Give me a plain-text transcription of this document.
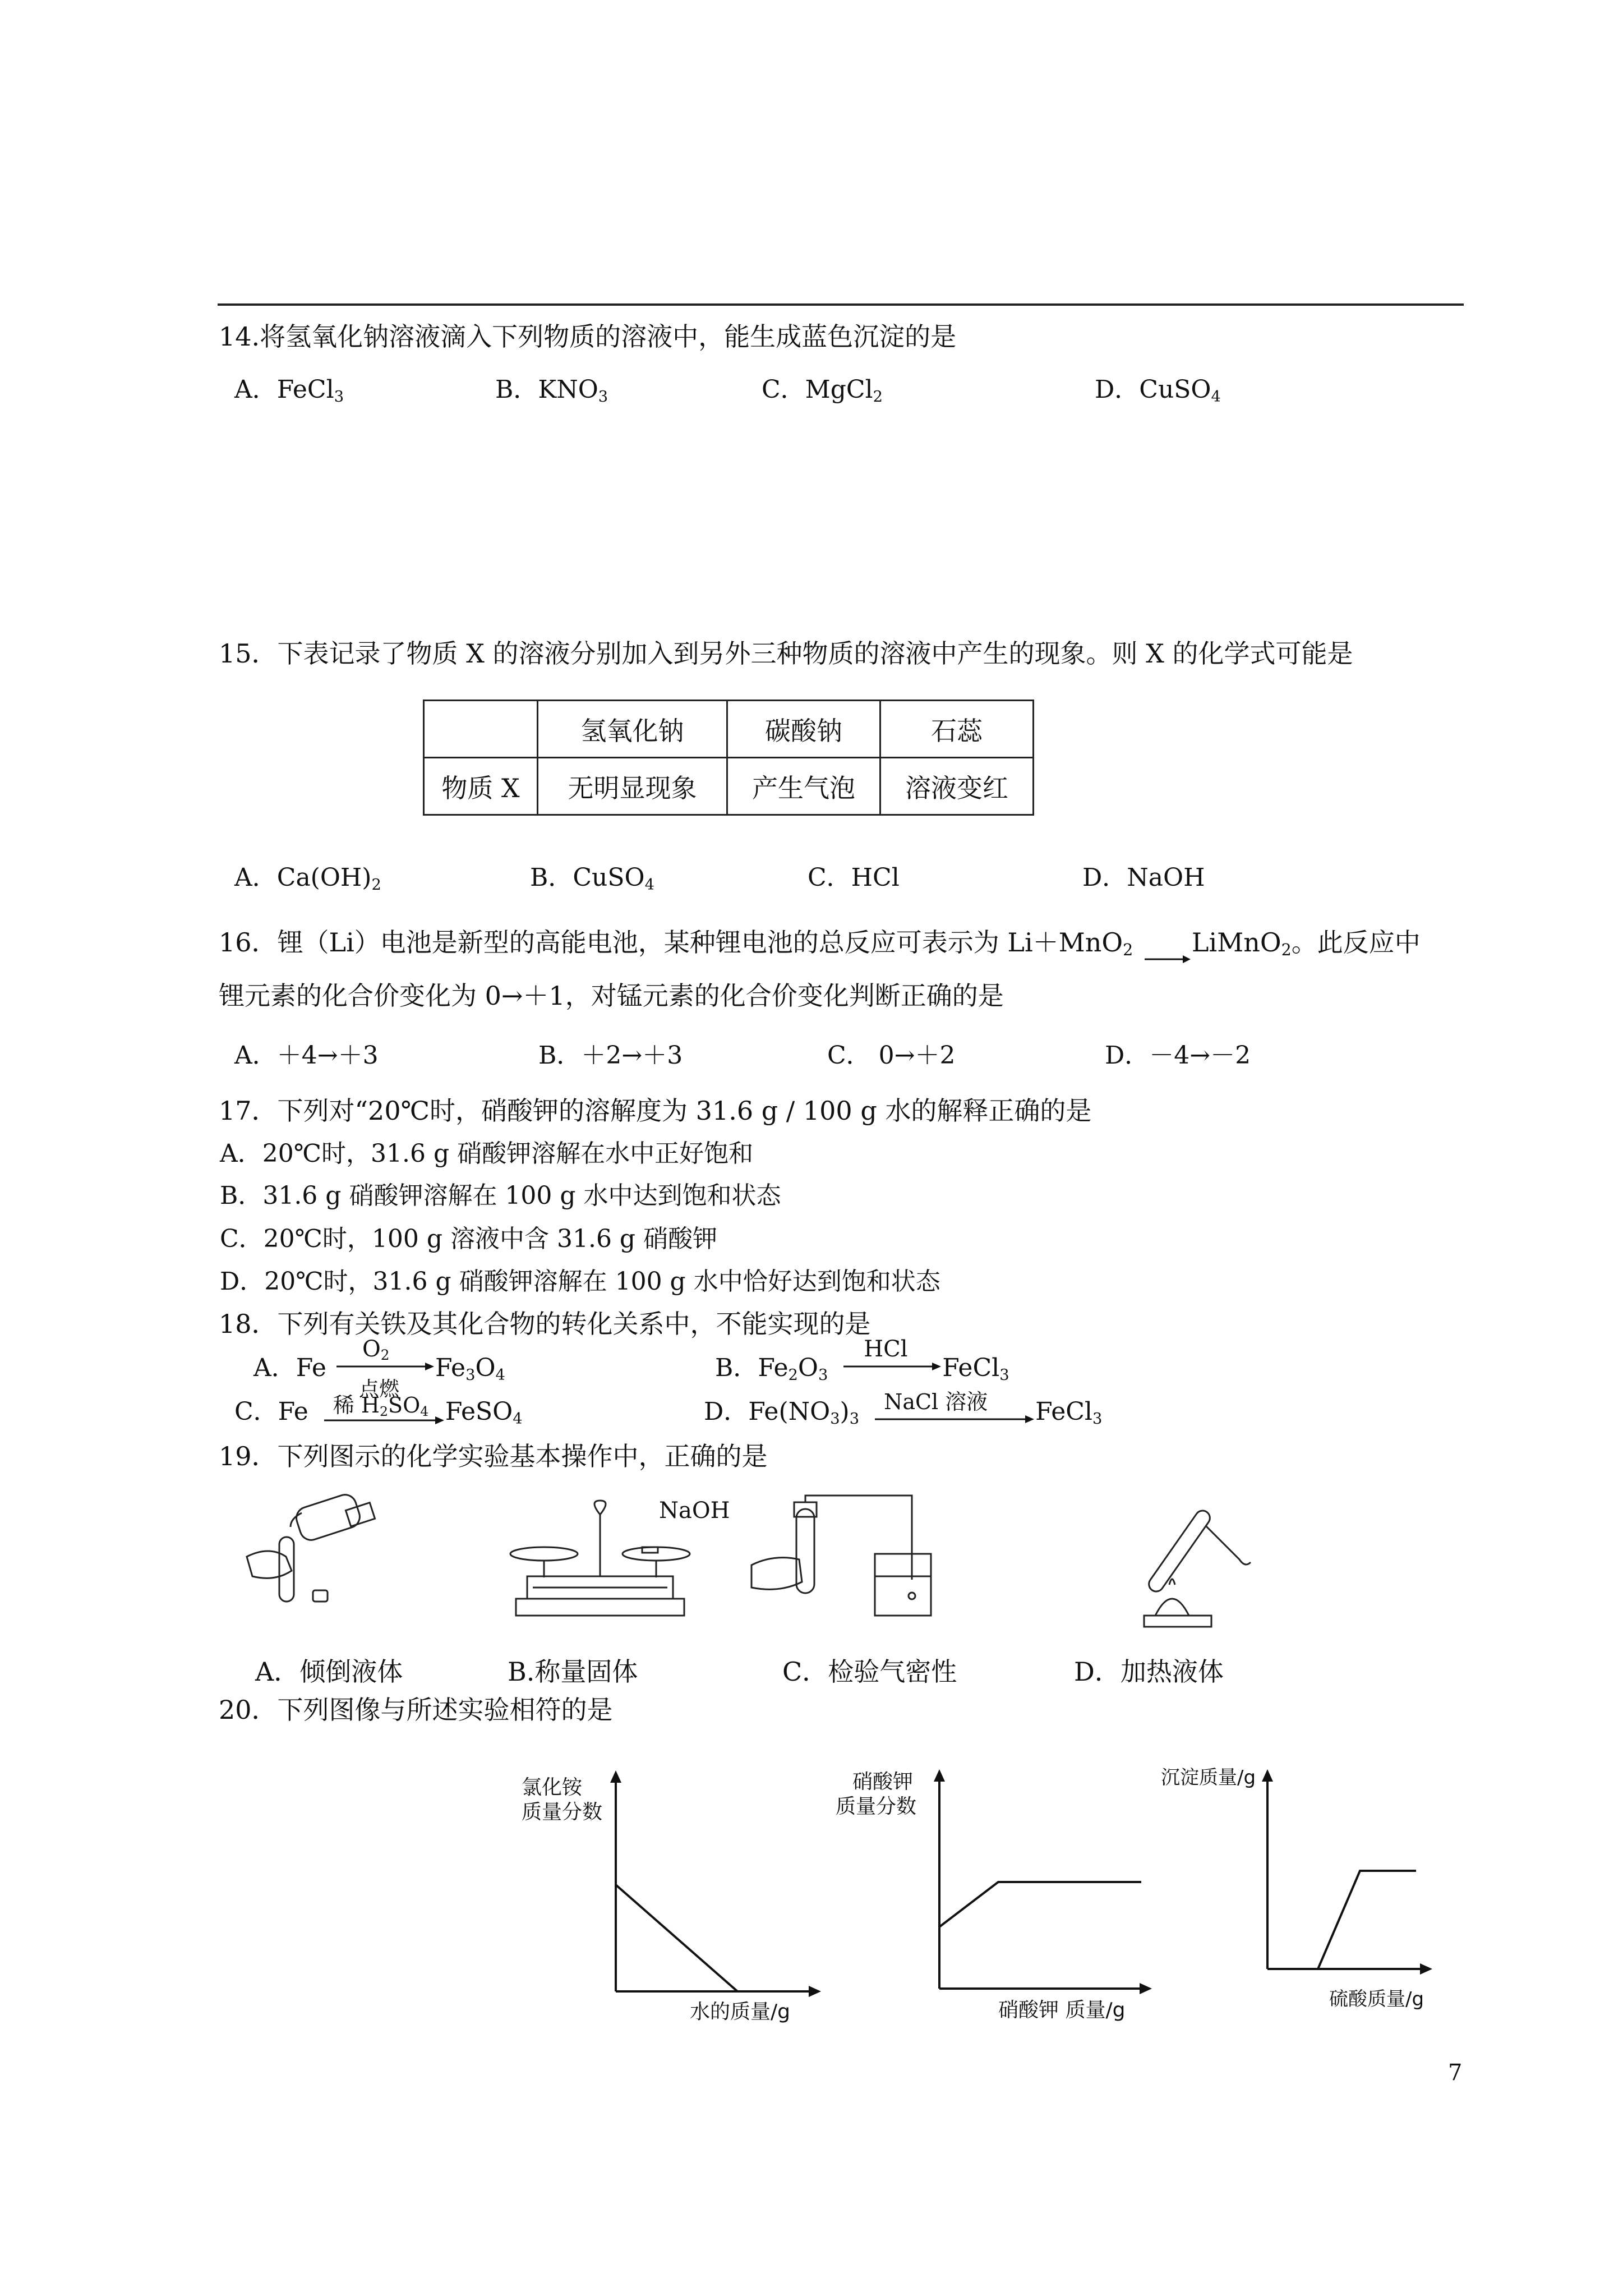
14.将氢氧化钠溶液滴入下列物质的溶液中，能生成蓝色沉淀的是
A．FeCl$_3$	B．$KNO_3$	C．MgCl$_2$	D．CuSO$_4$
15．下表记录了物质 X 的溶液分别加入到另外三种物质的溶液中产生的现象。则 X 的化学式可能是
	氢氧化钠	碳酸钠	石蕊
物质 X	无明显现象	产生气泡	溶液变红
A．$Ca(OH)_2$	B．CuSO$_4$	C．HCl	D．NaOH
16．锂（Li）电池是新型的高能电池，某种锂电池的总反应可表示为 Li＋MnO$_2$ →LiMnO$_2$。此反应中
锂元素的化合价变化为 0→＋1，对锰元素的化合价变化判断正确的是
A．＋4→＋3	B．＋2→＋3	C． 0→＋2	D．－4→－2
17．下列对“20℃时，硝酸钾的溶解度为 31.6 g / 100 g 水的解释正确的是
A．20℃时，31.6 g 硝酸钾溶解在水中正好饱和
B．31.6 g 硝酸钾溶解在 100 g 水中达到饱和状态
C．20℃时，100 g 溶液中含 31.6 g 硝酸钾
D．20℃时，31.6 g 硝酸钾溶解在 100 g 水中恰好达到饱和状态
18．下列有关铁及其化合物的转化关系中，不能实现的是
A．Fe
$O_2$
点燃
$Fe_3O_4$	B．$Fe_2O_3$
HCl
FeCl$_3$
C．Fe 稀 $H_2SO_4$ FeSO$_4$	D．$Fe(NO_3)_3$
NaCl 溶液 FeCl$_3$
19．下列图示的化学实验基本操作中，正确的是
NaOH
A．倾倒液体	B.称量固体	C．检验气密性	D．加热液体
20．下列图像与所述实验相符的是
氯化铵
质量分数
水的质量/g
硝酸钾
质量分数
硝酸钾 质量/g
沉淀质量/g
硫酸质量/g
7
